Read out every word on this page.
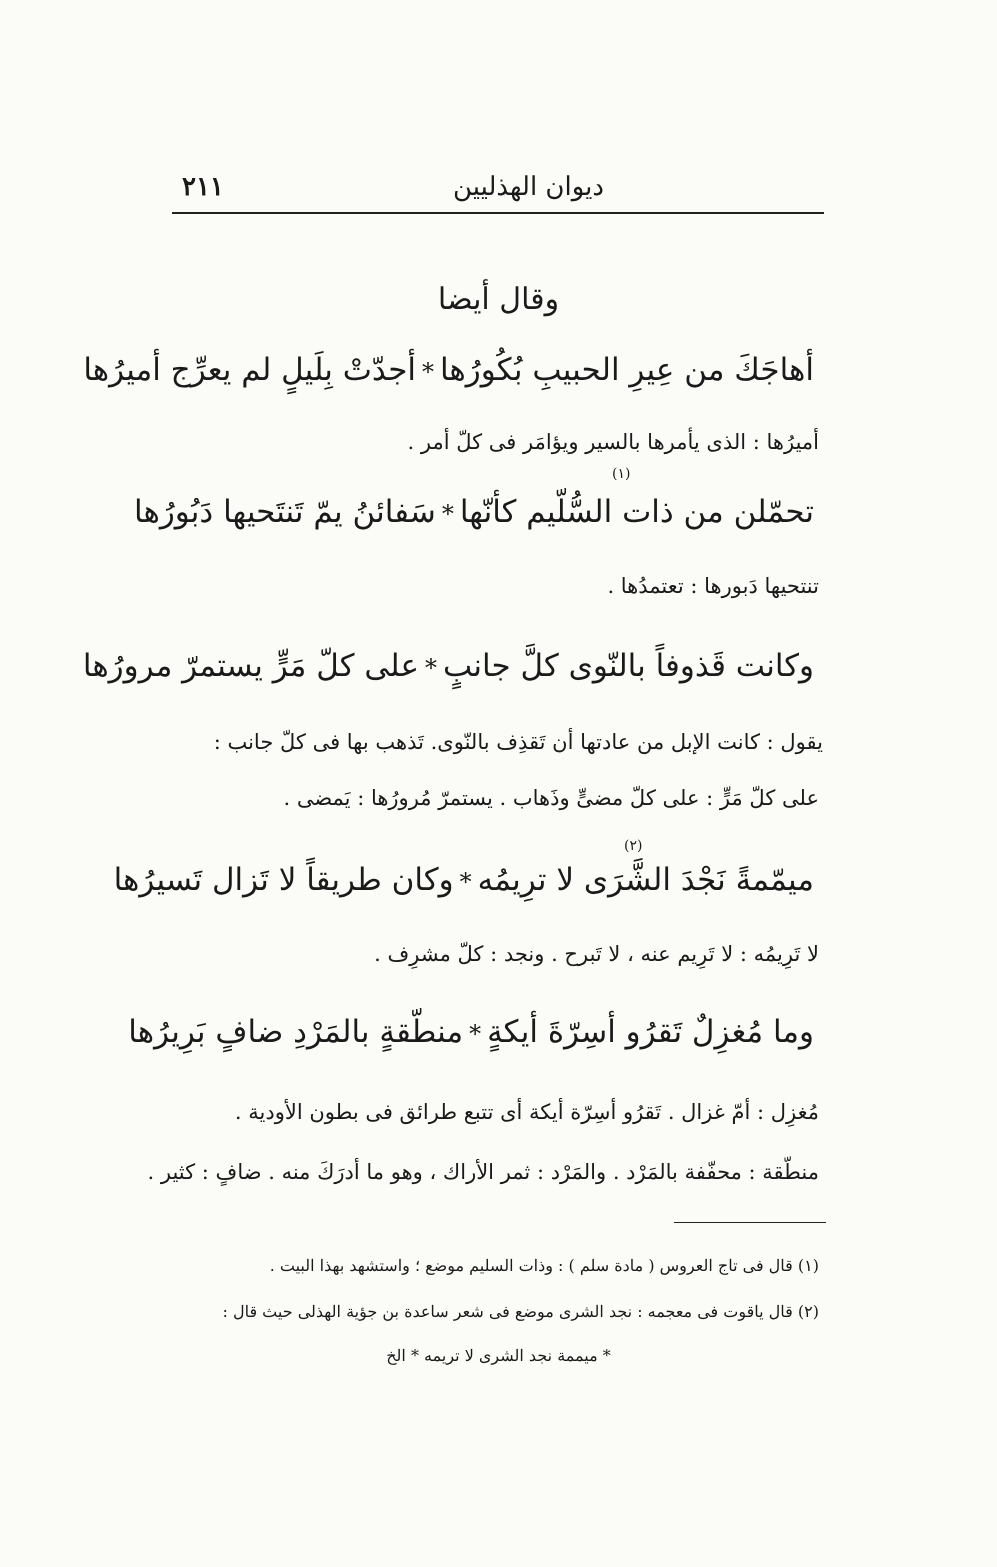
ديوان الهذليين
٢١١
وقال أيضا
أهاجَكَ من عِيرِ الحبيبِ بُكُورُها
*
أجدّتْ بِلَيلٍ لم يعرِّج أميرُها
أميرُها : الذى يأمرها بالسير ويؤامَر فى كلّ أمر .
(١)
تحمّلن من ذات السُّلّيم كأنّها
*
سَفائنُ يمّ تَنتَحيها دَبُورُها
تنتحيها دَبورها : تعتمدُها .
وكانت قَذوفاً بالنّوى كلَّ جانبٍ
*
على كلّ مَرٍّ يستمرّ مرورُها
يقول : كانت الإبل من عادتها أن تَقذِف بالنّوى. تَذهب بها فى كلّ جانب :
على كلّ مَرٍّ : على كلّ مضىٍّ وذَهاب . يستمرّ مُرورُها : يَمضى .
(٢)
ميمّمةً نَجْدَ الشَّرَى لا ترِيمُه
*
وكان طريقاً لا تَزال تَسيرُها
لا تَرِيمُه : لا تَرِيم عنه ، لا تَبرح . ونجد : كلّ مشرِف .
وما مُغزِلٌ تَقرُو أسِرّةَ أيكةٍ
*
منطّقةٍ بالمَرْدِ ضافٍ بَرِيرُها
مُغزِل : أمّ غزال . تَقرُو أسِرّة أيكة أى تتبع طرائق فى بطون الأودية .
منطّقة : محفّفة بالمَرْد . والمَرْد : ثمر الأراك ، وهو ما أدرَكَ منه . ضافٍ : كثير .
(١) قال فى تاج العروس ( مادة سلم ) : وذات السليم موضع ؛ واستشهد بهذا البيت .
(٢) قال ياقوت فى معجمه : نجد الشرى موضع فى شعر ساعدة بن جؤية الهذلى حيث قال :
* ميممة نجد الشرى لا تريمه * الخ
